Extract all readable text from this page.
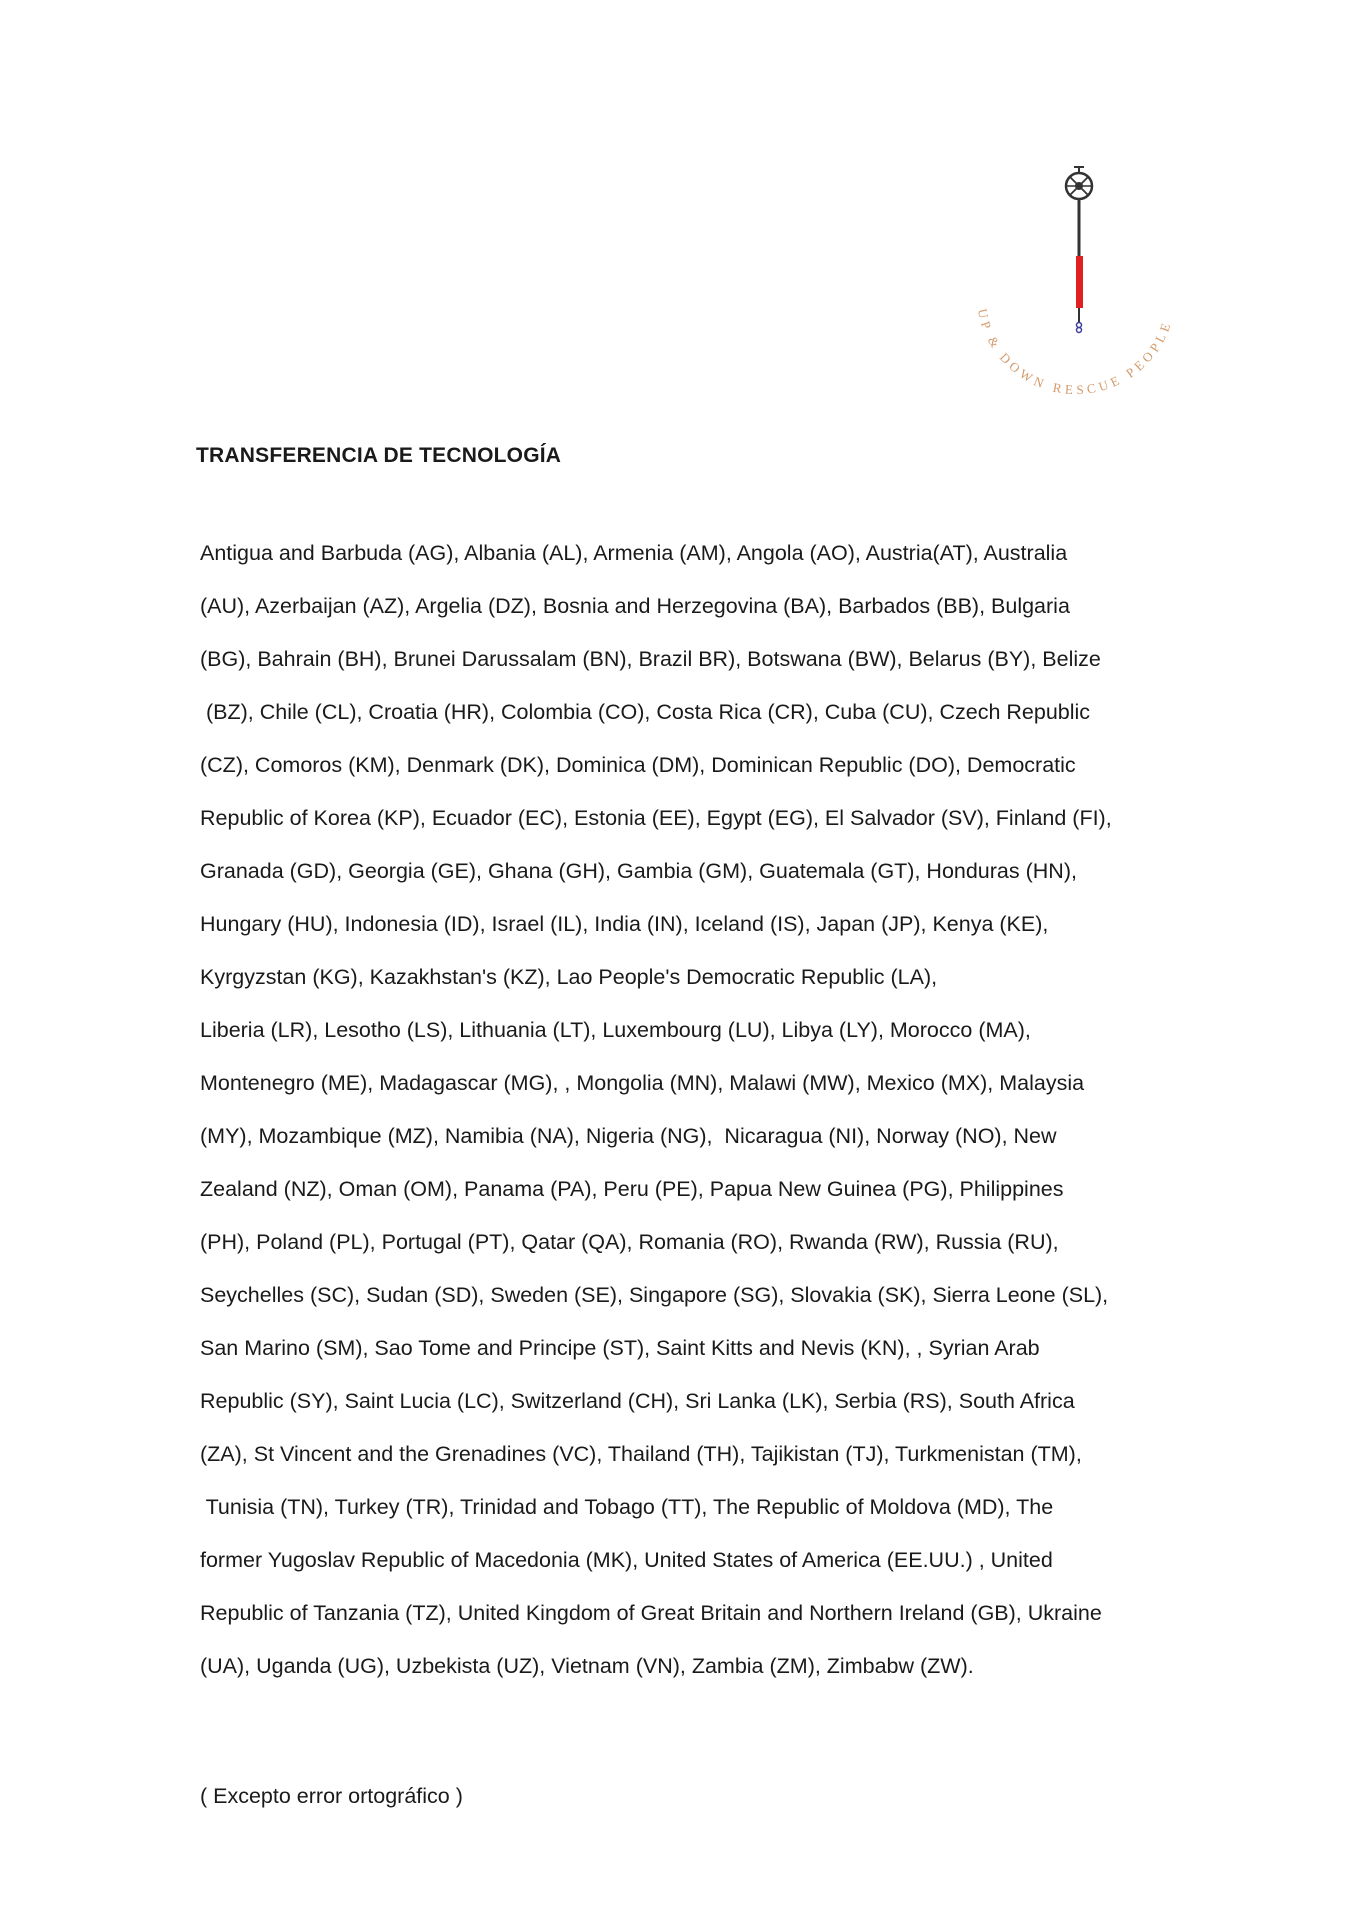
UP & DOWN RESCUE PEOPLE
TRANSFERENCIA DE TECNOLOGÍA

Antigua and Barbuda (AG), Albania (AL), Armenia (AM), Angola (AO), Austria(AT), Australia

(AU), Azerbaijan (AZ), Argelia (DZ), Bosnia and Herzegovina (BA), Barbados (BB), Bulgaria

(BG), Bahrain (BH), Brunei Darussalam (BN), Brazil BR), Botswana (BW), Belarus (BY), Belize

(BZ), Chile (CL), Croatia (HR), Colombia (CO), Costa Rica (CR), Cuba (CU), Czech Republic

(CZ), Comoros (KM), Denmark (DK), Dominica (DM), Dominican Republic (DO), Democratic

Republic of Korea (KP), Ecuador (EC), Estonia (EE), Egypt (EG), El Salvador (SV), Finland (FI),

Granada (GD), Georgia (GE), Ghana (GH), Gambia (GM), Guatemala (GT), Honduras (HN),

Hungary (HU), Indonesia (ID), Israel (IL), India (IN), Iceland (IS), Japan (JP), Kenya (KE),

Kyrgyzstan (KG), Kazakhstan's (KZ), Lao People's Democratic Republic (LA),

Liberia (LR), Lesotho (LS), Lithuania (LT), Luxembourg (LU), Libya (LY), Morocco (MA),

Montenegro (ME), Madagascar (MG), , Mongolia (MN), Malawi (MW), Mexico (MX), Malaysia

(MY), Mozambique (MZ), Namibia (NA), Nigeria (NG),  Nicaragua (NI), Norway (NO), New

Zealand (NZ), Oman (OM), Panama (PA), Peru (PE), Papua New Guinea (PG), Philippines

(PH), Poland (PL), Portugal (PT), Qatar (QA), Romania (RO), Rwanda (RW), Russia (RU),

Seychelles (SC), Sudan (SD), Sweden (SE), Singapore (SG), Slovakia (SK), Sierra Leone (SL),

San Marino (SM), Sao Tome and Principe (ST), Saint Kitts and Nevis (KN), , Syrian Arab

Republic (SY), Saint Lucia (LC), Switzerland (CH), Sri Lanka (LK), Serbia (RS), South Africa

(ZA), St Vincent and the Grenadines (VC), Thailand (TH), Tajikistan (TJ), Turkmenistan (TM),

Tunisia (TN), Turkey (TR), Trinidad and Tobago (TT), The Republic of Moldova (MD), The

former Yugoslav Republic of Macedonia (MK), United States of America (EE.UU.) , United

Republic of Tanzania (TZ), United Kingdom of Great Britain and Northern Ireland (GB), Ukraine

(UA), Uganda (UG), Uzbekista (UZ), Vietnam (VN), Zambia (ZM), Zimbabw (ZW).

( Excepto error ortográfico )
